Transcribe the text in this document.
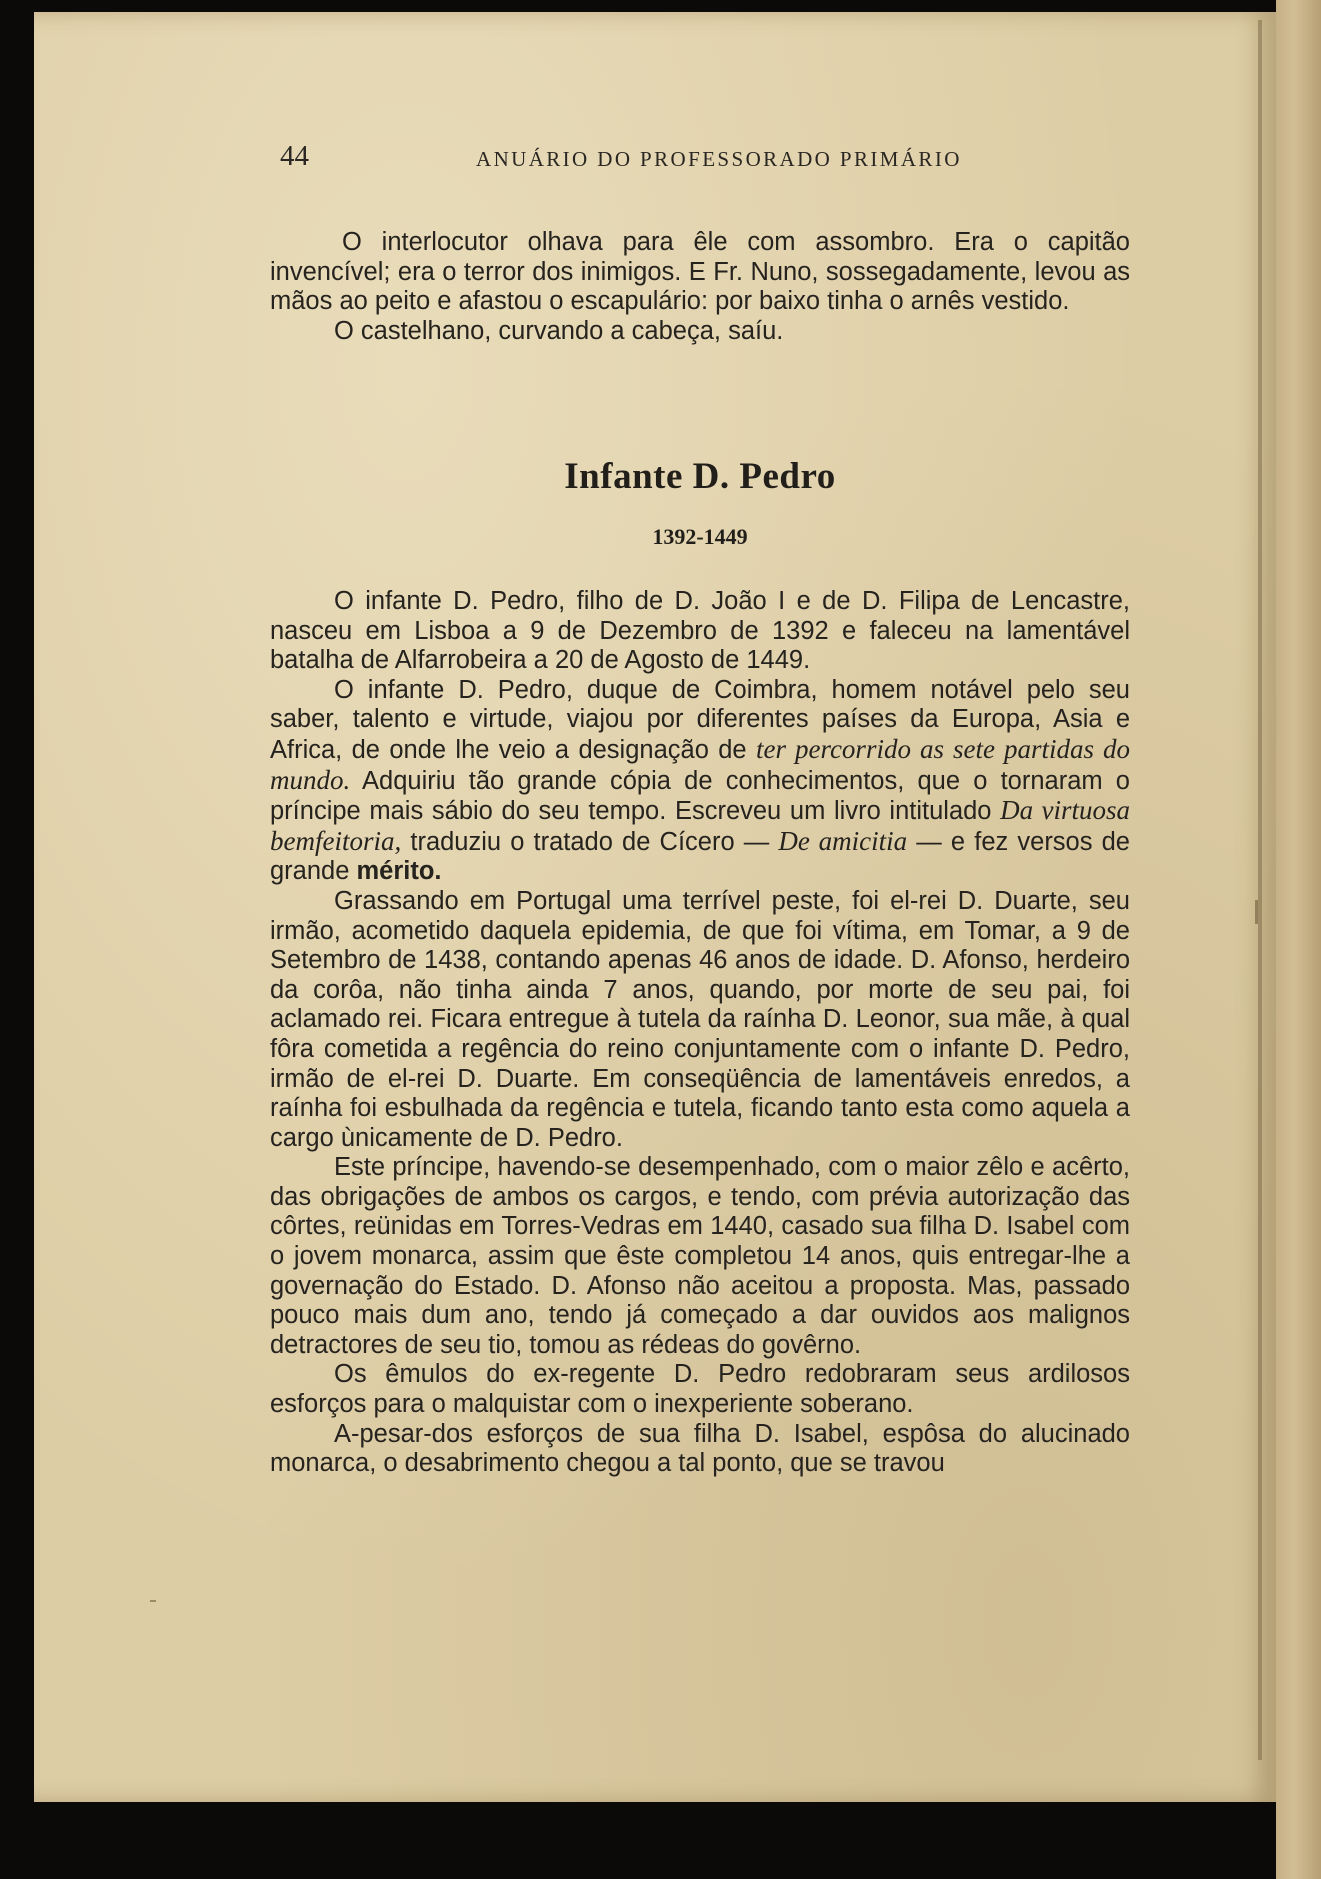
44	ANUÁRIO DO PROFESSORADO PRIMÁRIO

O interlocutor olhava para êle com assombro. Era o capitão invencível; era o terror dos inimigos. E Fr. Nuno, sossegadamente, levou as mãos ao peito e afastou o escapulário: por baixo tinha o arnês vestido.

O castelhano, curvando a cabeça, saíu.

Infante D. Pedro
1392-1449

O infante D. Pedro, filho de D. João I e de D. Filipa de Lencastre, nasceu em Lisboa a 9 de Dezembro de 1392 e faleceu na lamentável batalha de Alfarrobeira a 20 de Agosto de 1449.

O infante D. Pedro, duque de Coimbra, homem notável pelo seu saber, talento e virtude, viajou por diferentes países da Europa, Asia e Africa, de onde lhe veio a designação de ter percorrido as sete partidas do mundo. Adquiriu tão grande cópia de conhecimentos, que o tornaram o príncipe mais sábio do seu tempo. Escreveu um livro intitulado Da virtuosa bemfeitoria, traduziu o tratado de Cícero — De amicitia — e fez versos de grande mérito.

Grassando em Portugal uma terrível peste, foi el-rei D. Duarte, seu irmão, acometido daquela epidemia, de que foi vítima, em Tomar, a 9 de Setembro de 1438, contando apenas 46 anos de idade. D. Afonso, herdeiro da corôa, não tinha ainda 7 anos, quando, por morte de seu pai, foi aclamado rei. Ficara entregue à tutela da raínha D. Leonor, sua mãe, à qual fôra cometida a regência do reino conjuntamente com o infante D. Pedro, irmão de el-rei D. Duarte. Em conseqüência de lamentáveis enredos, a raínha foi esbulhada da regência e tutela, ficando tanto esta como aquela a cargo ùnicamente de D. Pedro.

Este príncipe, havendo-se desempenhado, com o maior zêlo e acêrto, das obrigações de ambos os cargos, e tendo, com prévia autorização das côrtes, reünidas em Torres-Vedras em 1440, casado sua filha D. Isabel com o jovem monarca, assim que êste completou 14 anos, quis entregar-lhe a governação do Estado. D. Afonso não aceitou a proposta. Mas, passado pouco mais dum ano, tendo já começado a dar ouvidos aos malignos detractores de seu tio, tomou as rédeas do govêrno.

Os êmulos do ex-regente D. Pedro redobraram seus ardilosos esforços para o malquistar com o inexperiente soberano.

A-pesar-dos esforços de sua filha D. Isabel, espôsa do alucinado monarca, o desabrimento chegou a tal ponto, que se travou
